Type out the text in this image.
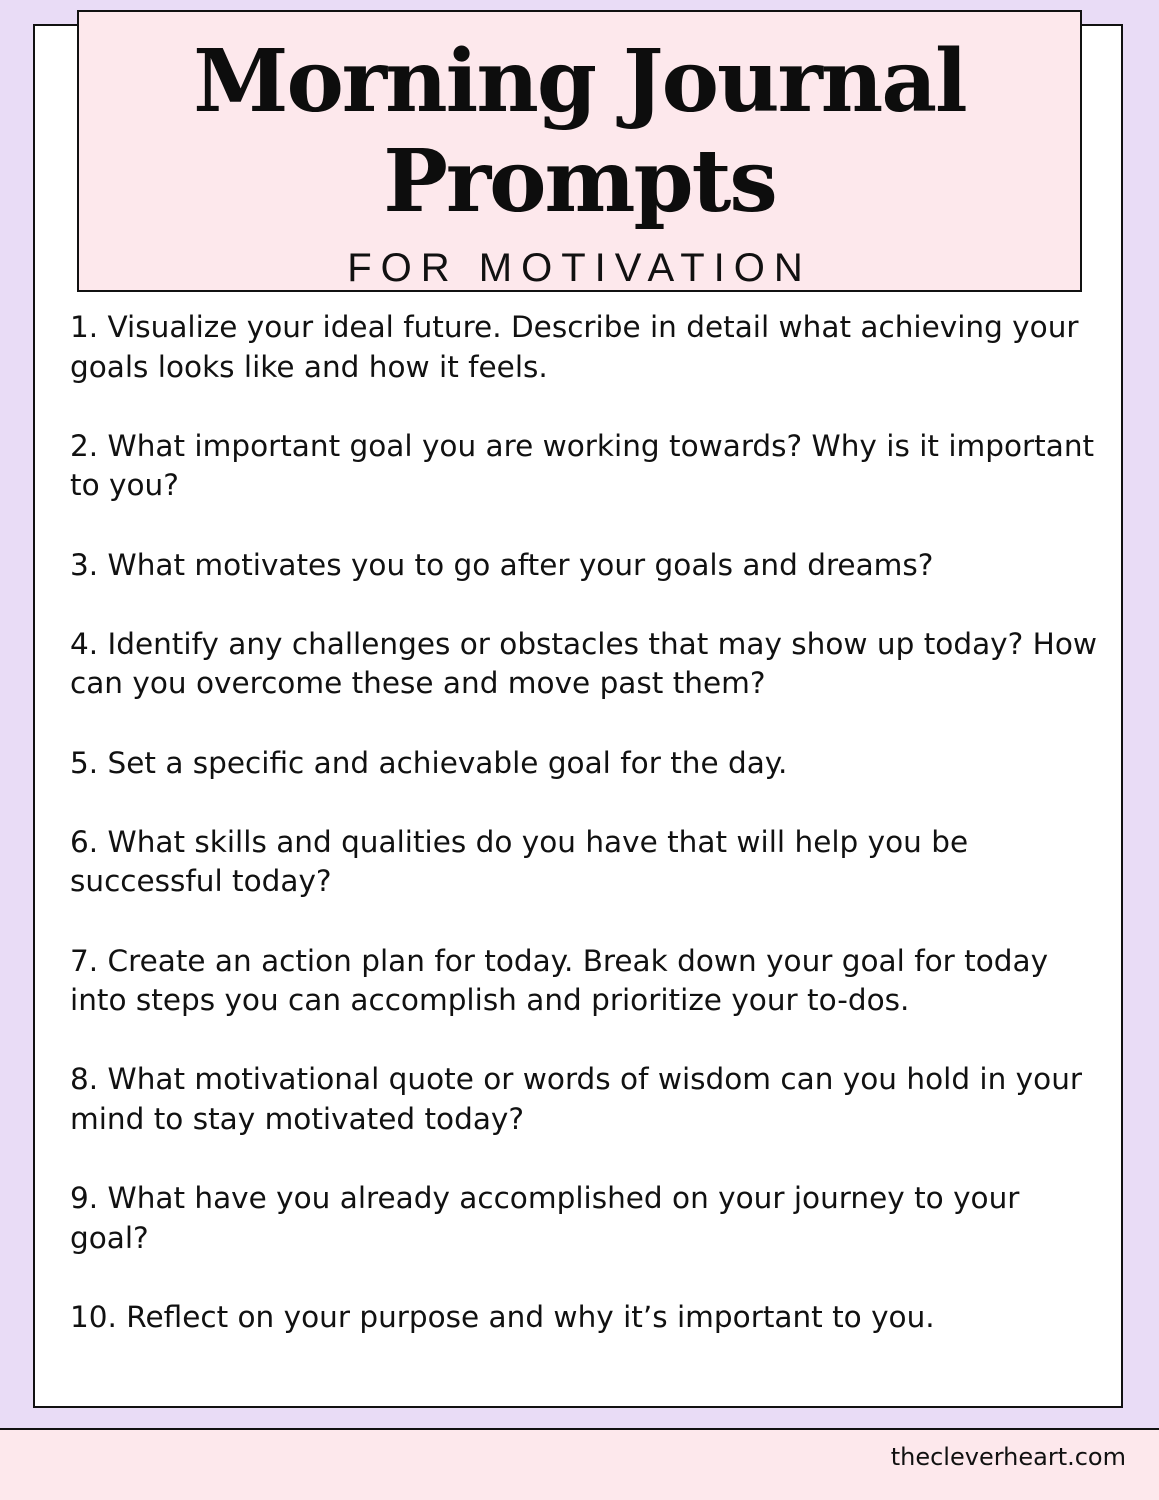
Morning Journal
Prompts
FOR MOTIVATION
1. Visualize your ideal future. Describe in detail what achieving your goals looks like and how it feels.
2. What important goal you are working towards? Why is it important to you?
3. What motivates you to go after your goals and dreams?
4. Identify any challenges or obstacles that may show up today? How can you overcome these and move past them?
5. Set a specific and achievable goal for the day.
6. What skills and qualities do you have that will help you be successful today?
7. Create an action plan for today. Break down your goal for today into steps you can accomplish and prioritize your to-dos.
8. What motivational quote or words of wisdom can you hold in your mind to stay motivated today?
9. What have you already accomplished on your journey to your goal?
10. Reflect on your purpose and why it’s important to you.
thecleverheart.com
